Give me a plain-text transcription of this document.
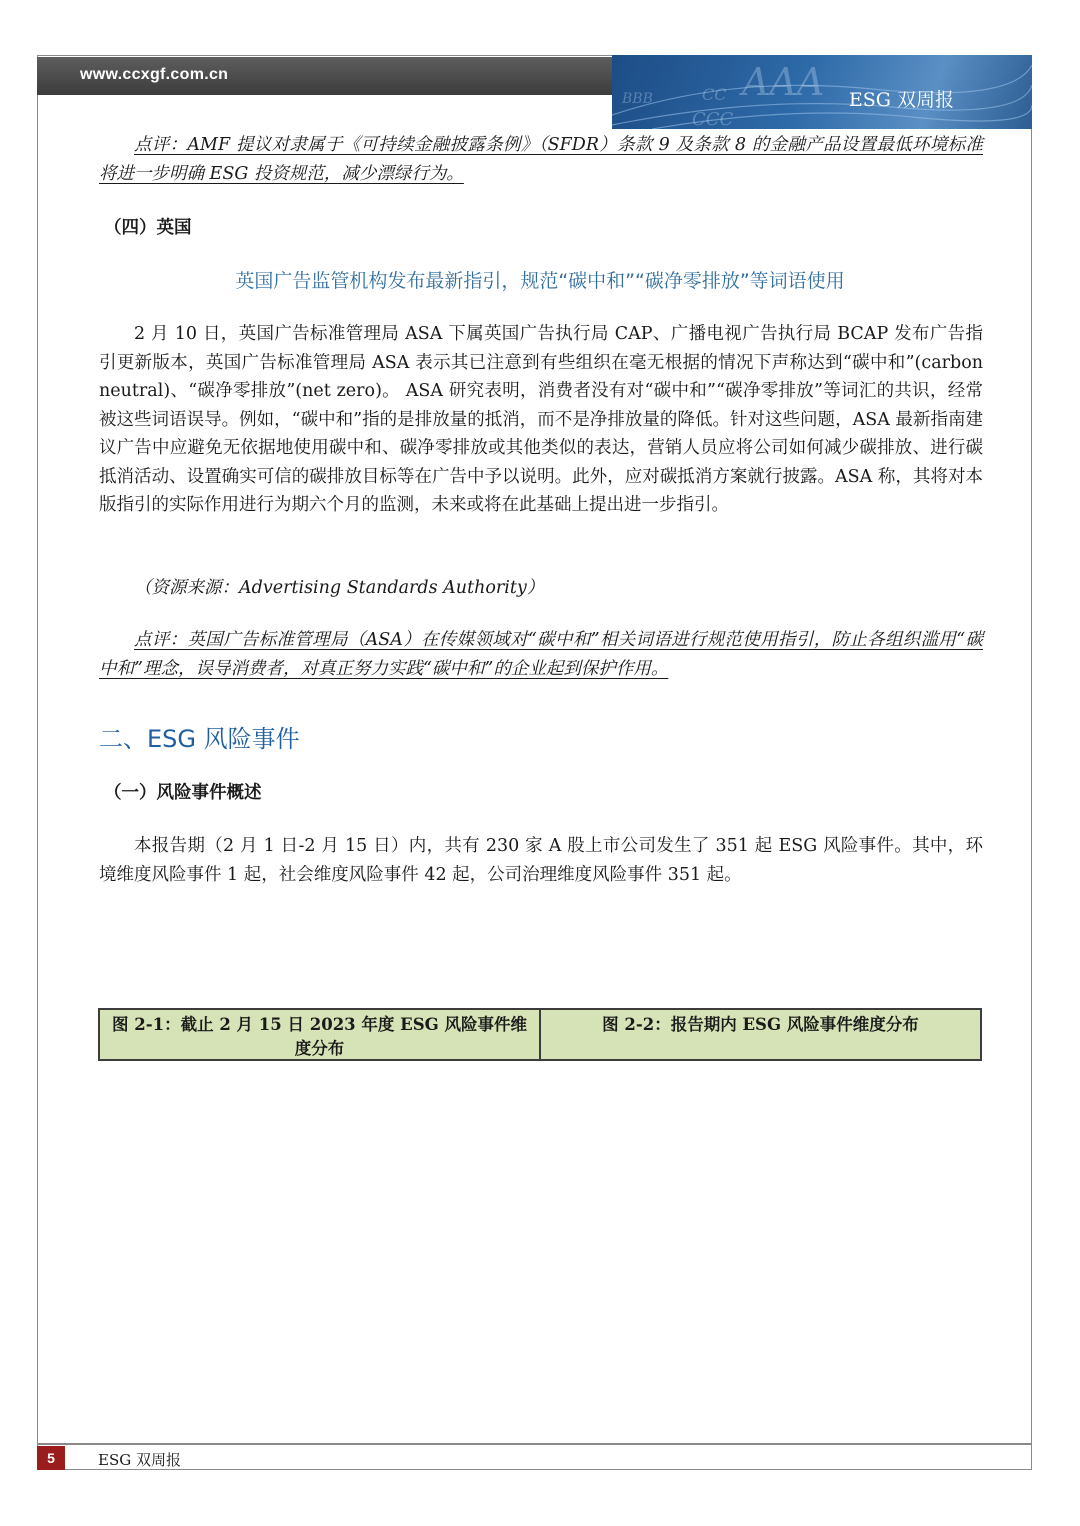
www.ccxgf.com.cn	AAA
BBB
CCC
CC	ESG 双周报

点评：AMF 提议对隶属于《可持续金融披露条例》（SFDR）条款 9 及条款 8 的金融产品设置最低环境标准将进一步明确 ESG 投资规范，减少漂绿行为。

（四）英国
英国广告监管机构发布最新指引，规范“碳中和”“碳净零排放”等词语使用

2 月 10 日，英国广告标准管理局 ASA 下属英国广告执行局 CAP、广播电视广告执行局 BCAP 发布广告指引更新版本，英国广告标准管理局 ASA 表示其已注意到有些组织在毫无根据的情况下声称达到“碳中和”(carbon neutral)、“碳净零排放”(net zero)。 ASA 研究表明，消费者没有对“碳中和”“碳净零排放”等词汇的共识，经常被这些词语误导。例如，“碳中和”指的是排放量的抵消，而不是净排放量的降低。针对这些问题，ASA 最新指南建议广告中应避免无依据地使用碳中和、碳净零排放或其他类似的表达，营销人员应将公司如何减少碳排放、进行碳抵消活动、设置确实可信的碳排放目标等在广告中予以说明。此外，应对碳抵消方案就行披露。ASA 称，其将对本版指引的实际作用进行为期六个月的监测，未来或将在此基础上提出进一步指引。

（资源来源：Advertising Standards Authority）

点评：英国广告标准管理局（ASA）在传媒领域对“碳中和”相关词语进行规范使用指引，防止各组织滥用“碳中和”理念，误导消费者，对真正努力实践“碳中和”的企业起到保护作用。

二、ESG 风险事件
（一）风险事件概述

本报告期（2 月 1 日-2 月 15 日）内，共有 230 家 A 股上市公司发生了 351 起 ESG 风险事件。其中，环境维度风险事件 1 起，社会维度风险事件 42 起，公司治理维度风险事件 351 起。

图 2-1：截止 2 月 15 日 2023 年度 ESG 风险事件维度分布
图 2-2：报告期内 ESG 风险事件维度分布
5	ESG 双周报
